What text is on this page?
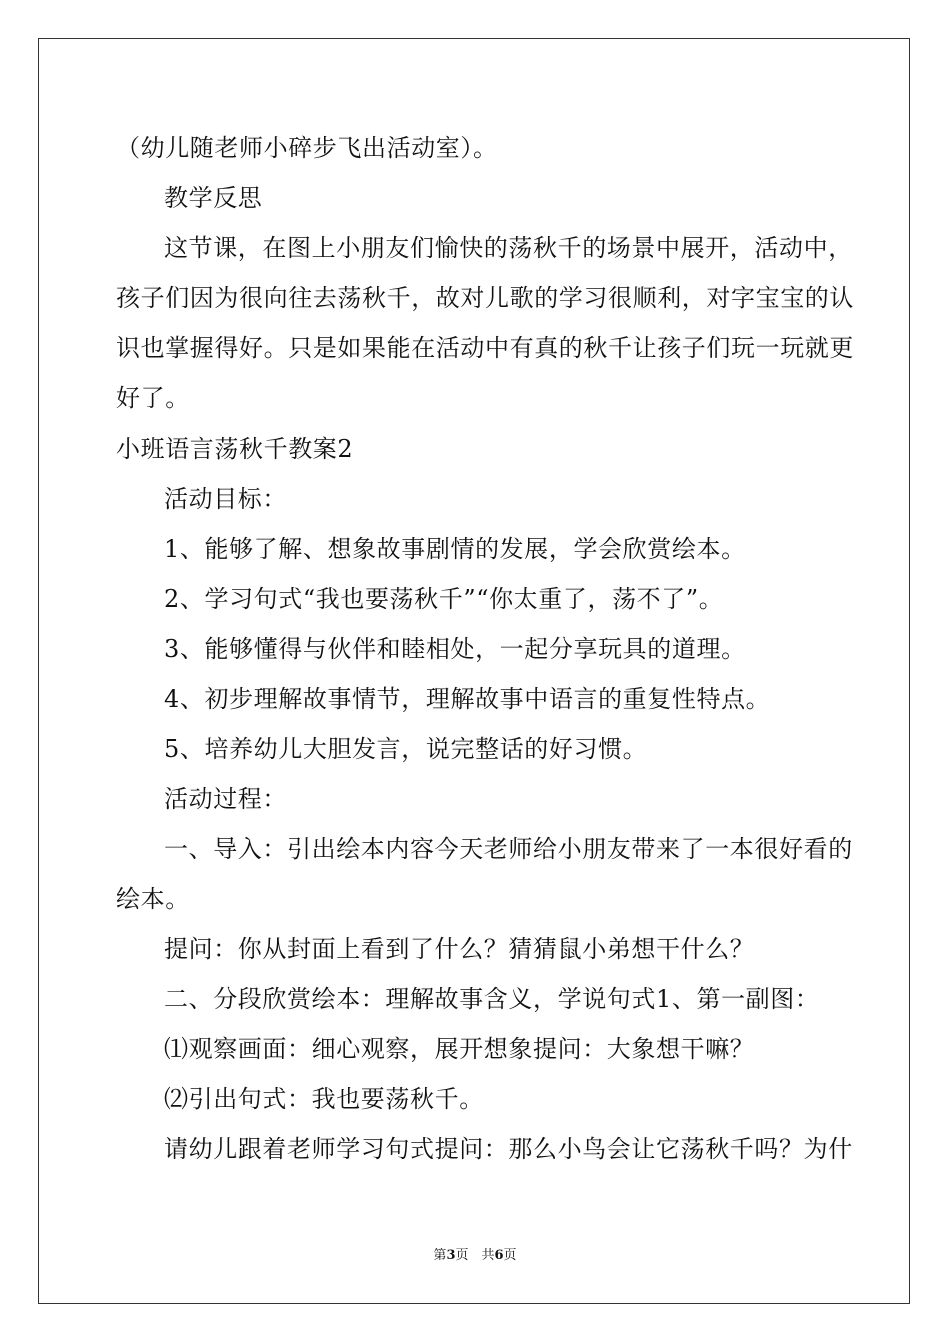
（幼儿随老师小碎步飞出活动室）。
教学反思
这节课，在图上小朋友们愉快的荡秋千的场景中展开，活动中，
孩子们因为很向往去荡秋千，故对儿歌的学习很顺利，对字宝宝的认
识也掌握得好。只是如果能在活动中有真的秋千让孩子们玩一玩就更
好了。
小班语言荡秋千教案2
活动目标：
1、能够了解、想象故事剧情的发展，学会欣赏绘本。
2、学习句式“我也要荡秋千”“你太重了，荡不了”。
3、能够懂得与伙伴和睦相处，一起分享玩具的道理。
4、初步理解故事情节，理解故事中语言的重复性特点。
5、培养幼儿大胆发言，说完整话的好习惯。
活动过程：
一、导入：引出绘本内容今天老师给小朋友带来了一本很好看的
绘本。
提问：你从封面上看到了什么？猜猜鼠小弟想干什么？
二、分段欣赏绘本：理解故事含义，学说句式1、第一副图：
⑴观察画面：细心观察，展开想象提问：大象想干嘛？
⑵引出句式：我也要荡秋千。
请幼儿跟着老师学习句式提问：那么小鸟会让它荡秋千吗？为什
第3页　共6页
